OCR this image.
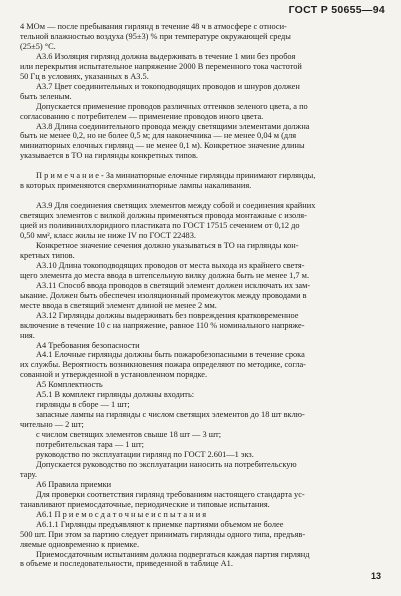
ГОСТ Р 50655—94
4 МОм — после пребывания гирлянд в течение 48 ч в атмосфере с относи-
тельной влажностью воздуха (95±3) % при температуре окружающей среды
(25±5) °С.
А3.6 Изоляция гирлянд должна выдерживать в течение 1 мин без пробоя
или перекрытия испытательное напряжение 2000 В переменного тока частотой
50 Гц в условиях, указанных в А3.5.
А3.7 Цвет соединительных и токоподводящих проводов и шнуров должен
быть зеленым.
Допускается применение проводов различных оттенков зеленого цвета, а по
согласованию с потребителем — применение проводов иного цвета.
А3.8 Длина соединительного провода между светящими элементами должна
быть не менее 0,2, но не более 0,5 м; для наконечника — не менее 0,04 м (для
миниатюрных елочных гирлянд — не менее 0,1 м). Конкретное значение длины
указывается в ТО на гирлянды конкретных типов.

П р и м е ч а н и е - За миниатюрные елочные гирлянды принимают гирлянды,
в которых применяются сверхминиатюрные лампы накаливания.

А3.9 Для соединения светящих элементов между собой и соединения крайних
светящих элементов с вилкой должны применяться провода монтажные с изоля-
цией из поливинилхлоридного пластиката по ГОСТ 17515 сечением от 0,12 до
0,50 мм², класс жилы не ниже IV по ГОСТ 22483.
Конкретное значение сечения должно указываться в ТО на гирлянды кон-
кретных типов.
А3.10 Длина токоподводящих проводов от места выхода из крайнего светя-
щего элемента до места ввода в штепсельную вилку должна быть не менее 1,7 м.
А3.11 Способ ввода проводов в светящий элемент должен исключать их зам-
ыкание. Должен быть обеспечен изоляционный промежуток между проводами в
месте ввода в светящий элемент длиной не менее 2 мм.
А3.12 Гирлянды должны выдерживать без повреждения кратковременное
включение в течение 10 с на напряжение, равное 110 % номинального напряже-
ния.
А4 Требования безопасности
А4.1 Елочные гирлянды должны быть пожаробезопасными в течение срока
их службы. Вероятность возникновения пожара определяют по методике, согла-
сованной и утвержденной в установленном порядке.
А5 Комплектность
А5.1 В комплект гирлянды должны входить:
гирлянды в сборе — 1 шт;
запасные лампы на гирлянды с числом светящих элементов до 18 шт вклю-
чительно — 2 шт;
с числом светящих элементов свыше 18 шт — 3 шт;
потребительская тара — 1 шт;
руководство по эксплуатации гирлянд по ГОСТ 2.601—1 экз.
Допускается руководство по эксплуатации наносить на потребительскую
тару.
А6 Правила приемки
Для проверки соответствия гирлянд требованиям настоящего стандарта ус-
танавливают приемосдаточные, периодические и типовые испытания.
А6.1 П р и е м о с д а т о ч н ы е и с п ы т а н и я
А6.1.1 Гирлянды предъявляют к приемке партиями объемом не более
500 шт. При этом за партию следует принимать гирлянды одного типа, предъяв-
ляемые одновременно к приемке.
Приемосдаточным испытаниям должна подвергаться каждая партия гирлянд
в объеме и последовательности, приведенной в таблице А1.
13
